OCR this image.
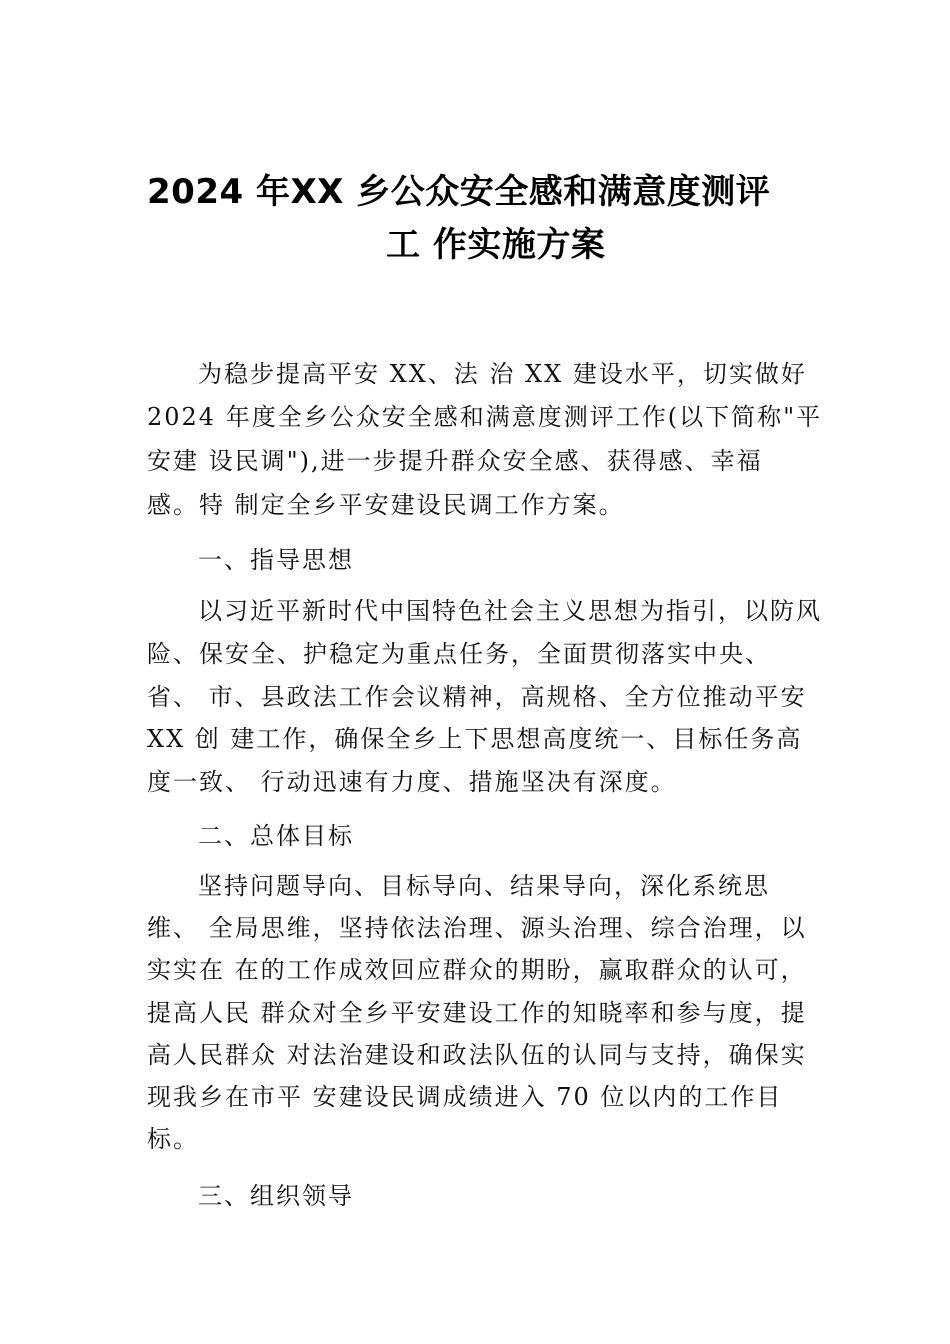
2024 年XX 乡公众安全感和满意度测评
工 作实施方案
为稳步提高平安 XX、法 治 XX 建设水平，切实做好
2024 年度全乡公众安全感和满意度测评工作(以下简称"平
安建 设民调"),进一步提升群众安全感、获得感、幸福
感。特 制定全乡平安建设民调工作方案。
一、指导思想
以习近平新时代中国特色社会主义思想为指引，以防风
险、保安全、护稳定为重点任务，全面贯彻落实中央、
省、 市、县政法工作会议精神，高规格、全方位推动平安
XX 创 建工作，确保全乡上下思想高度统一、目标任务高
度一致、 行动迅速有力度、措施坚决有深度。
二、总体目标
坚持问题导向、目标导向、结果导向，深化系统思
维、 全局思维，坚持依法治理、源头治理、综合治理，以
实实在 在的工作成效回应群众的期盼，赢取群众的认可，
提高人民 群众对全乡平安建设工作的知晓率和参与度，提
高人民群众 对法治建设和政法队伍的认同与支持，确保实
现我乡在市平 安建设民调成绩进入 70 位以内的工作目
标。
三、组织领导
